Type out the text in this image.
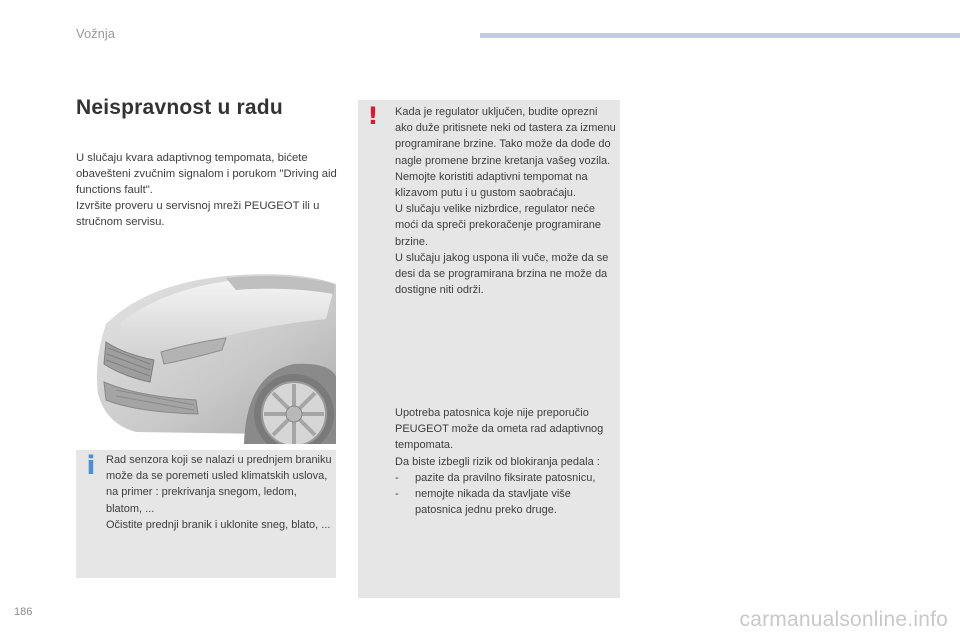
Vožnja
Neispravnost u radu

U slučaju kvara adaptivnog tempomata, bićete obavešteni zvučnim signalom i porukom "Driving aid functions fault".

Izvršite proveru u servisnoj mreži PEUGEOT ili u stručnom servisu.

i Rad senzora koji se nalazi u prednjem braniku može da se poremeti usled klimatskih uslova, na primer : prekrivanja snegom, ledom, blatom, ...

Očistite prednji branik i uklonite sneg, blato, ...

! Kada je regulator uključen, budite oprezni ako duže pritisnete neki od tastera za izmenu programirane brzine. Tako može da dođe do nagle promene brzine kretanja vašeg vozila.

Nemojte koristiti adaptivni tempomat na klizavom putu i u gustom saobraćaju.

U slučaju velike nizbrdice, regulator neće moći da spreči prekoračenje programirane brzine.

U slučaju jakog uspona ili vuče, može da se desi da se programirana brzina ne može da dostigne niti održi.

Upotreba patosnica koje nije preporučio PEUGEOT može da ometa rad adaptivnog tempomata.

Da biste izbegli rizik od blokiranja pedala :

- pazite da pravilno fiksirate patosnicu,
- nemojte nikada da stavljate više patosnica jednu preko druge.
186	carmanualsonline.info
